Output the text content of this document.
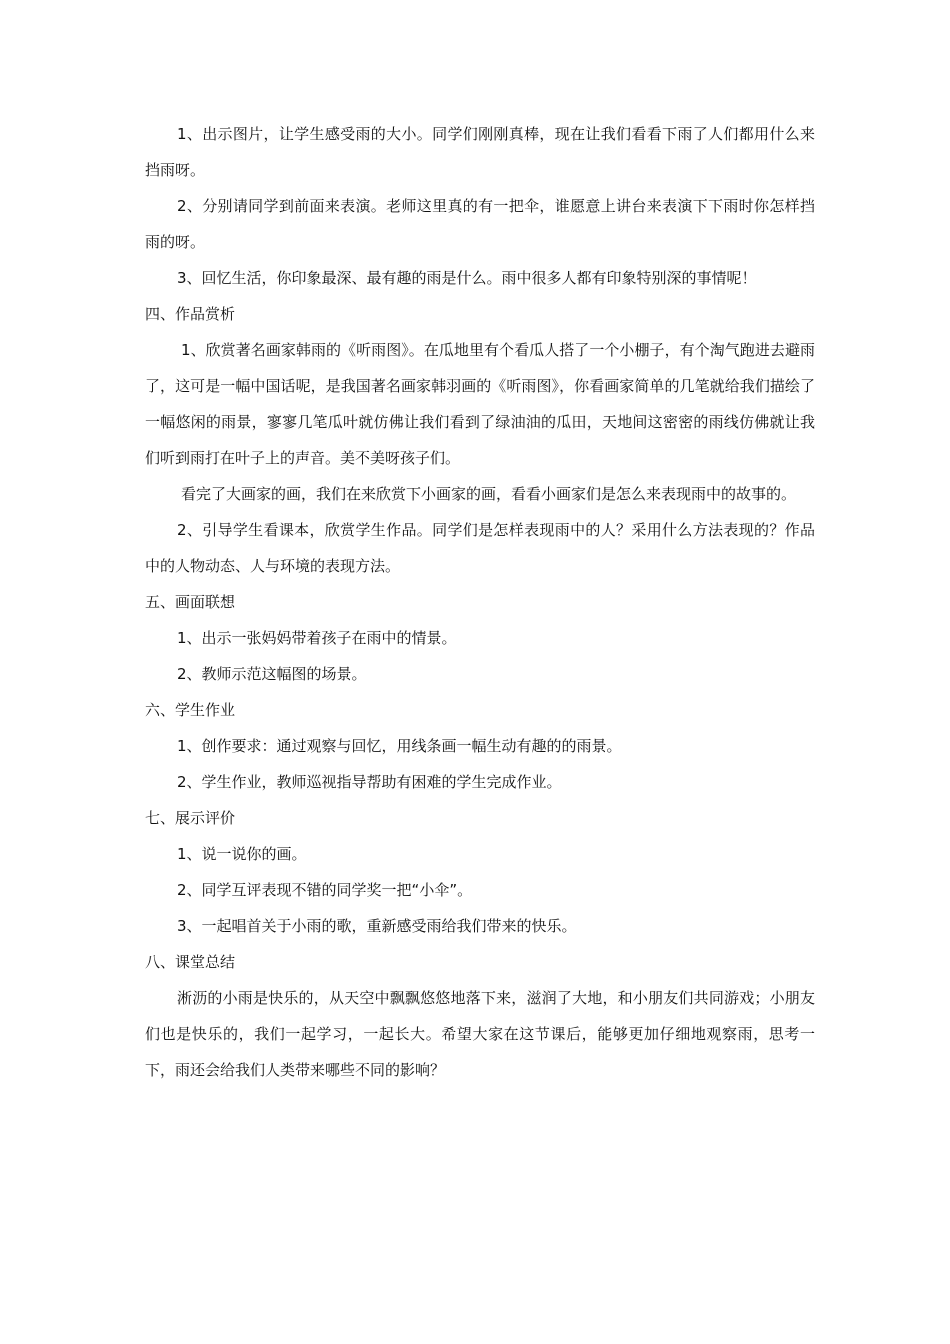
1、出示图片，让学生感受雨的大小。同学们刚刚真棒，现在让我们看看下雨了人们都用什么来挡雨呀。

2、分别请同学到前面来表演。老师这里真的有一把伞，谁愿意上讲台来表演下下雨时你怎样挡雨的呀。

3、回忆生活，你印象最深、最有趣的雨是什么。雨中很多人都有印象特别深的事情呢！

四、作品赏析

1、欣赏著名画家韩雨的《听雨图》。在瓜地里有个看瓜人搭了一个小棚子，有个淘气跑进去避雨了，这可是一幅中国话呢，是我国著名画家韩羽画的《听雨图》，你看画家简单的几笔就给我们描绘了一幅悠闲的雨景，寥寥几笔瓜叶就仿佛让我们看到了绿油油的瓜田，天地间这密密的雨线仿佛就让我们听到雨打在叶子上的声音。美不美呀孩子们。

看完了大画家的画，我们在来欣赏下小画家的画，看看小画家们是怎么来表现雨中的故事的。

2、引导学生看课本，欣赏学生作品。同学们是怎样表现雨中的人？采用什么方法表现的？作品中的人物动态、人与环境的表现方法。

五、画面联想

1、出示一张妈妈带着孩子在雨中的情景。

2、教师示范这幅图的场景。

六、学生作业

1、创作要求：通过观察与回忆，用线条画一幅生动有趣的的雨景。

2、学生作业，教师巡视指导帮助有困难的学生完成作业。

七、展示评价

1、说一说你的画。

2、同学互评表现不错的同学奖一把“小伞”。

3、一起唱首关于小雨的歌，重新感受雨给我们带来的快乐。

八、课堂总结

淅沥的小雨是快乐的，从天空中飘飘悠悠地落下来，滋润了大地，和小朋友们共同游戏；小朋友们也是快乐的，我们一起学习，一起长大。希望大家在这节课后，能够更加仔细地观察雨，思考一下，雨还会给我们人类带来哪些不同的影响？
